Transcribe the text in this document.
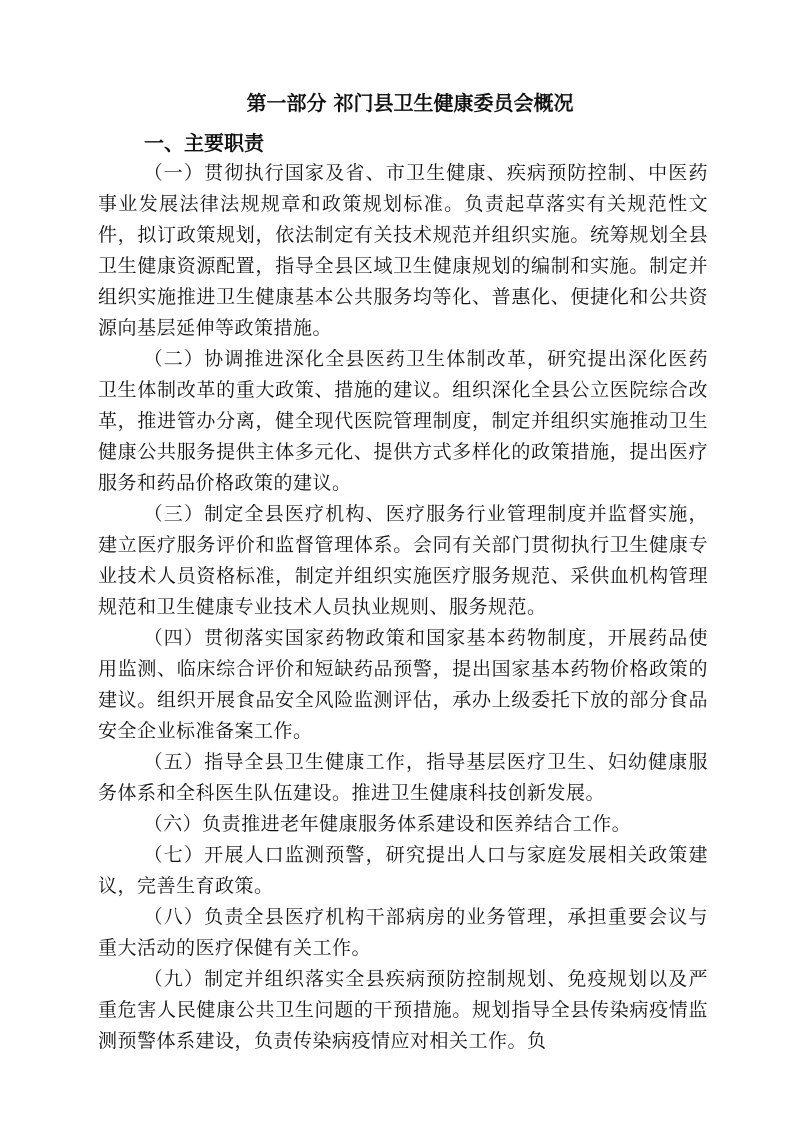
第一部分 祁门县卫生健康委员会概况
一、主要职责

（一）贯彻执行国家及省、市卫生健康、疾病预防控制、中医药事业发展法律法规规章和政策规划标准。负责起草落实有关规范性文件，拟订政策规划，依法制定有关技术规范并组织实施。统筹规划全县卫生健康资源配置，指导全县区域卫生健康规划的编制和实施。制定并组织实施推进卫生健康基本公共服务均等化、普惠化、便捷化和公共资源向基层延伸等政策措施。

（二）协调推进深化全县医药卫生体制改革，研究提出深化医药卫生体制改革的重大政策、措施的建议。组织深化全县公立医院综合改革，推进管办分离，健全现代医院管理制度，制定并组织实施推动卫生健康公共服务提供主体多元化、提供方式多样化的政策措施，提出医疗服务和药品价格政策的建议。

（三）制定全县医疗机构、医疗服务行业管理制度并监督实施，建立医疗服务评价和监督管理体系。会同有关部门贯彻执行卫生健康专业技术人员资格标准，制定并组织实施医疗服务规范、采供血机构管理规范和卫生健康专业技术人员执业规则、服务规范。

（四）贯彻落实国家药物政策和国家基本药物制度，开展药品使用监测、临床综合评价和短缺药品预警，提出国家基本药物价格政策的建议。组织开展食品安全风险监测评估，承办上级委托下放的部分食品安全企业标准备案工作。

（五）指导全县卫生健康工作，指导基层医疗卫生、妇幼健康服务体系和全科医生队伍建设。推进卫生健康科技创新发展。

（六）负责推进老年健康服务体系建设和医养结合工作。

（七）开展人口监测预警，研究提出人口与家庭发展相关政策建议，完善生育政策。

（八）负责全县医疗机构干部病房的业务管理，承担重要会议与重大活动的医疗保健有关工作。

（九）制定并组织落实全县疾病预防控制规划、免疫规划以及严重危害人民健康公共卫生问题的干预措施。规划指导全县传染病疫情监测预警体系建设，负责传染病疫情应对相关工作。负
